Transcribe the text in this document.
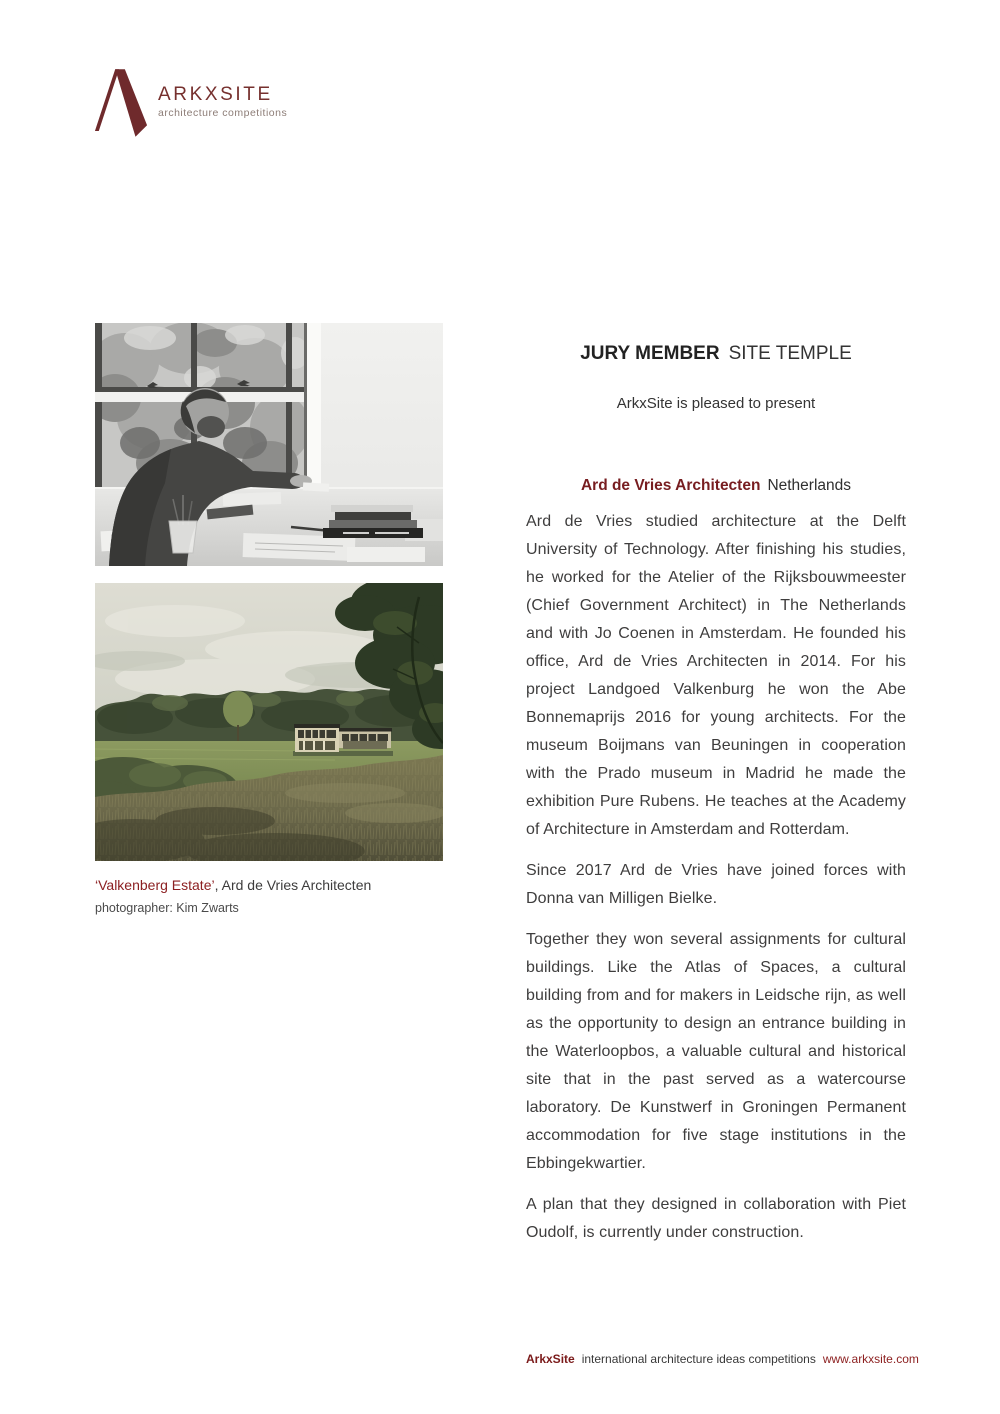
ARKXSITE
architecture competitions
‘Valkenberg Estate’, Ard de Vries Architecten
photographer: Kim Zwarts
JURY MEMBER SITE TEMPLE

ArkxSite is pleased to present

Ard de Vries Architecten Netherlands

Ard de Vries studied architecture at the Delft University of Technology. After finishing his studies, he worked for the Atelier of the Rijksbouwmeester (Chief Government Architect) in The Netherlands and with Jo Coenen in Amsterdam. He founded his office, Ard de Vries Architecten in 2014. For his project Landgoed Valkenburg he won the Abe Bonnemaprijs 2016 for young architects. For the museum Boijmans van Beuningen in cooperation with the Prado museum in Madrid he made the exhibition Pure Rubens. He teaches at the Academy of Architecture in Amsterdam and Rotterdam.

Since 2017 Ard de Vries have joined forces with Donna van Milligen Bielke.

Together they won several assignments for cultural buildings. Like the Atlas of Spaces, a cultural building from and for makers in Leidsche rijn, as well as the opportunity to design an entrance building in the Waterloopbos, a valuable cultural and historical site that in the past served as a watercourse laboratory. De Kunstwerf in Groningen Permanent accommodation for five stage institutions in the Ebbingekwartier.

A plan that they designed in collaboration with Piet Oudolf, is currently under construction.

ArkxSite international architecture ideas competitions www.arkxsite.com
